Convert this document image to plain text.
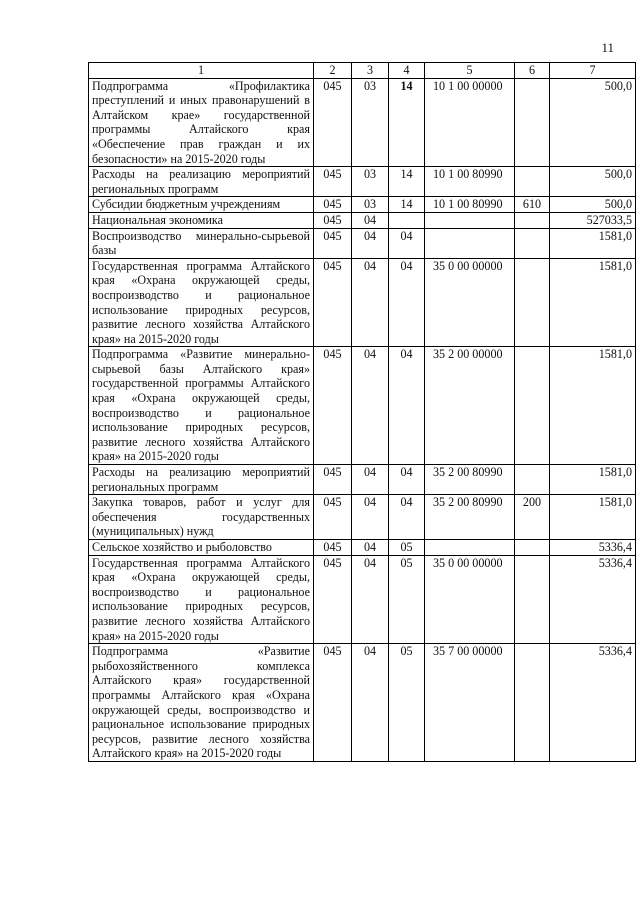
11
1	2	3	4	5	6	7
Подпрограмма «Профилактика преступлений и иных правонарушений в Алтайском крае» государственной программы Алтайского края «Обеспечение прав граждан и их безопасности» на 2015-2020 годы	045	03	14	10 1 00 00000		500,0
Расходы на реализацию мероприятий региональных программ	045	03	14	10 1 00 80990		500,0
Субсидии бюджетным учреждениям	045	03	14	10 1 00 80990	610	500,0
Национальная экономика	045	04				527033,5
Воспроизводство минерально-сырьевой базы	045	04	04			1581,0
Государственная программа Алтайского края «Охрана окружающей среды, воспроизводство и рациональное использование природных ресурсов, развитие лесного хозяйства Алтайского края» на 2015-2020 годы	045	04	04	35 0 00 00000		1581,0
Подпрограмма «Развитие минерально-сырьевой базы Алтайского края» государственной программы Алтайского края «Охрана окружающей среды, воспроизводство и рациональное использование природных ресурсов, развитие лесного хозяйства Алтайского края» на 2015-2020 годы	045	04	04	35 2 00 00000		1581,0
Расходы на реализацию мероприятий региональных программ	045	04	04	35 2 00 80990		1581,0
Закупка товаров, работ и услуг для обеспечения государственных (муниципальных) нужд	045	04	04	35 2 00 80990	200	1581,0
Сельское хозяйство и рыболовство	045	04	05			5336,4
Государственная программа Алтайского края «Охрана окружающей среды, воспроизводство и рациональное использование природных ресурсов, развитие лесного хозяйства Алтайского края» на 2015-2020 годы	045	04	05	35 0 00 00000		5336,4
Подпрограмма «Развитие рыбохозяйственного комплекса Алтайского края» государственной программы Алтайского края «Охрана окружающей среды, воспроизводство и рациональное использование природных ресурсов, развитие лесного хозяйства Алтайского края» на 2015-2020 годы	045	04	05	35 7 00 00000		5336,4
